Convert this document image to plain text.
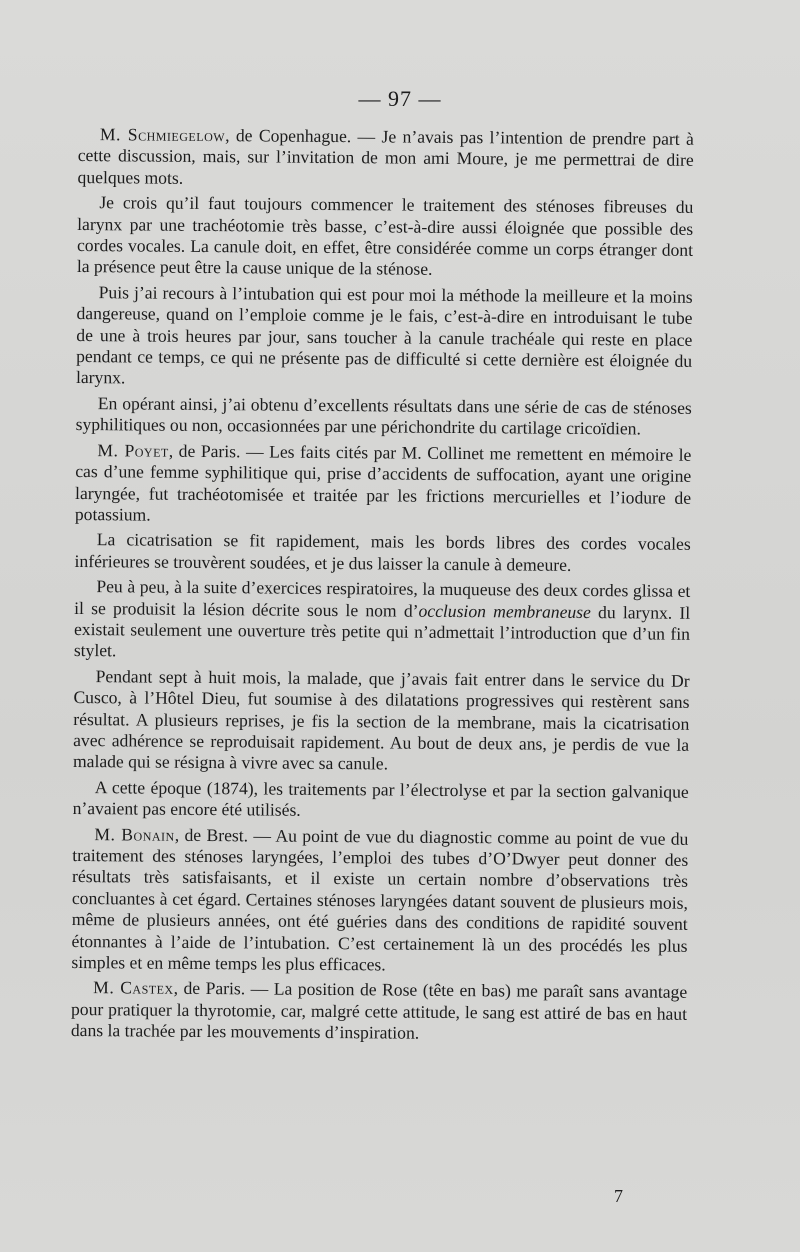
— 97 —

M. Schmiegelow, de Copenhague. — Je n’avais pas l’intention de prendre part à cette discussion, mais, sur l’invitation de mon ami Moure, je me permettrai de dire quelques mots.

Je crois qu’il faut toujours commencer le traitement des sténoses fibreuses du larynx par une trachéotomie très basse, c’est-à-dire aussi éloignée que possible des cordes vocales. La canule doit, en effet, être considérée comme un corps étranger dont la présence peut être la cause unique de la sténose.

Puis j’ai recours à l’intubation qui est pour moi la méthode la meilleure et la moins dangereuse, quand on l’emploie comme je le fais, c’est-à-dire en introduisant le tube de une à trois heures par jour, sans toucher à la canule trachéale qui reste en place pendant ce temps, ce qui ne présente pas de difficulté si cette dernière est éloignée du larynx.

En opérant ainsi, j’ai obtenu d’excellents résultats dans une série de cas de sténoses syphilitiques ou non, occasionnées par une périchondrite du cartilage cricoïdien.

M. Poyet, de Paris. — Les faits cités par M. Collinet me remettent en mémoire le cas d’une femme syphilitique qui, prise d’accidents de suffocation, ayant une origine laryngée, fut trachéotomisée et traitée par les frictions mercurielles et l’iodure de potassium.

La cicatrisation se fit rapidement, mais les bords libres des cordes vocales inférieures se trouvèrent soudées, et je dus laisser la canule à demeure.

Peu à peu, à la suite d’exercices respiratoires, la muqueuse des deux cordes glissa et il se produisit la lésion décrite sous le nom d’occlusion membraneuse du larynx. Il existait seulement une ouverture très petite qui n’admettait l’introduction que d’un fin stylet.

Pendant sept à huit mois, la malade, que j’avais fait entrer dans le service du Dr Cusco, à l’Hôtel Dieu, fut soumise à des dilatations progressives qui restèrent sans résultat. A plusieurs reprises, je fis la section de la membrane, mais la cicatrisation avec adhérence se reproduisait rapidement. Au bout de deux ans, je perdis de vue la malade qui se résigna à vivre avec sa canule.

A cette époque (1874), les traitements par l’électrolyse et par la section galvanique n’avaient pas encore été utilisés.

M. Bonain, de Brest. — Au point de vue du diagnostic comme au point de vue du traitement des sténoses laryngées, l’emploi des tubes d’O’Dwyer peut donner des résultats très satisfaisants, et il existe un certain nombre d’observations très concluantes à cet égard. Certaines sténoses laryngées datant souvent de plusieurs mois, même de plusieurs années, ont été guéries dans des conditions de rapidité souvent étonnantes à l’aide de l’intubation. C’est certainement là un des procédés les plus simples et en même temps les plus efficaces.

M. Castex, de Paris. — La position de Rose (tête en bas) me paraît sans avantage pour pratiquer la thyrotomie, car, malgré cette attitude, le sang est attiré de bas en haut dans la trachée par les mouvements d’inspiration.

7
